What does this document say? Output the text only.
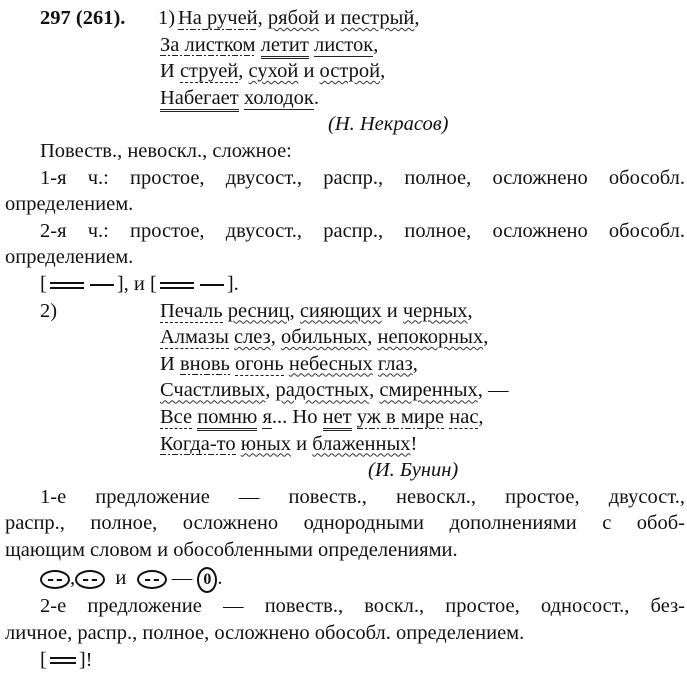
297 (261). 1) На ручей, рябой и пестрый,
За листком летит листок,
И струей, сухой и острой,
Набегает холодок.
(Н. Некрасов)
Повеств., невоскл., сложное:
1-я ч.: простое, двусост., распр., полное, осложнено обособл.
определением.
2-я ч.: простое, двусост., распр., полное, осложнено обособл.
определением.
[	], и [	].
2)	Печаль ресниц, сияющих и черных,
Алмазы слез, обильных, непокорных,
И вновь огонь небесных глаз,
Счастливых, радостных, смиренных, —
Все помню я... Но нет уж в мире нас,
Когда-то юных и блаженных!
(И. Бунин)
1-е предложение — повеств., невоскл., простое, двусост.,
распр., полное, осложнено однородными дополнениями с обоб-
щающим словом и обособленными определениями.
, и — 0 .
2-е предложение — повеств., воскл., простое, односост., без-
личное, распр., полное, осложнено обособл. определением.
[ ]!
